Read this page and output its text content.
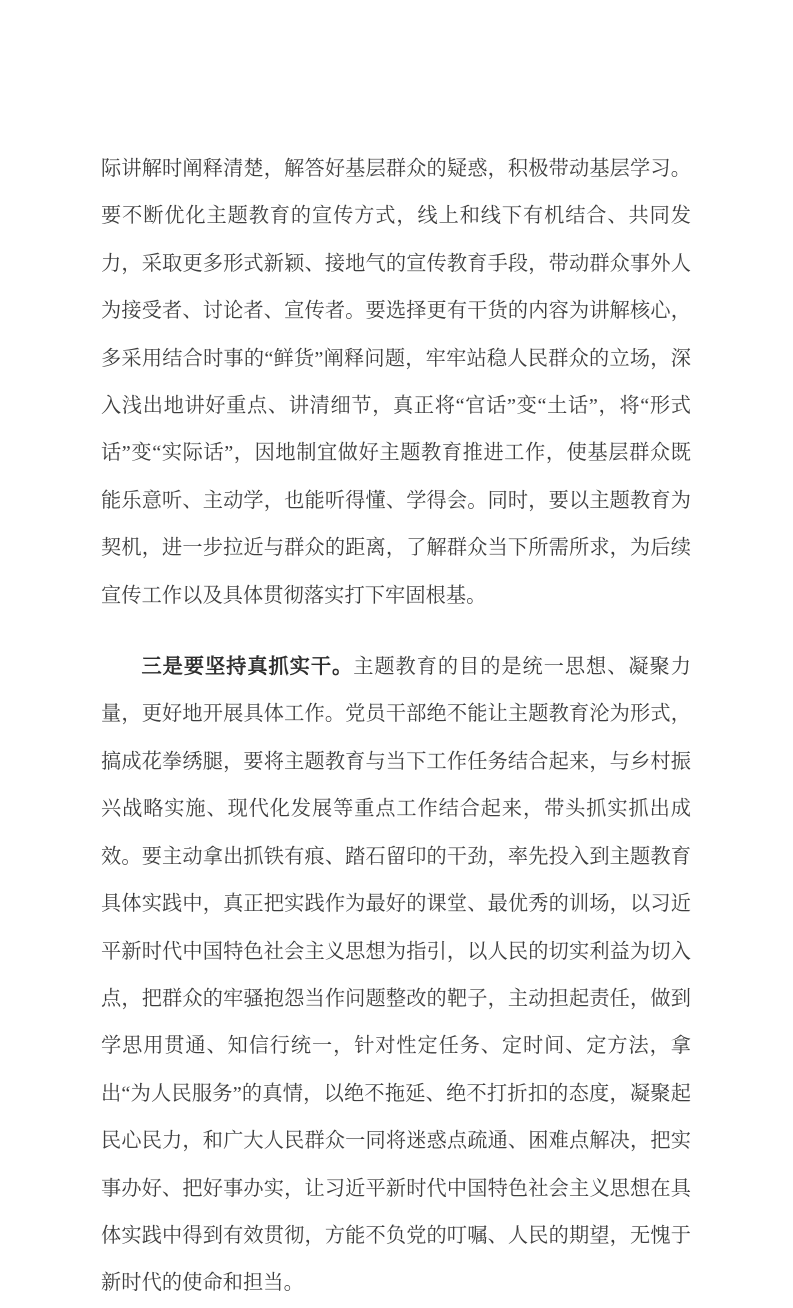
际讲解时阐释清楚，解答好基层群众的疑惑，积极带动基层学习。要不断优化主题教育的宣传方式，线上和线下有机结合、共同发力，采取更多形式新颖、接地气的宣传教育手段，带动群众事外人为接受者、讨论者、宣传者。要选择更有干货的内容为讲解核心，多采用结合时事的“鲜货”阐释问题，牢牢站稳人民群众的立场，深入浅出地讲好重点、讲清细节，真正将“官话”变“土话”，将“形式话”变“实际话”，因地制宜做好主题教育推进工作，使基层群众既能乐意听、主动学，也能听得懂、学得会。同时，要以主题教育为契机，进一步拉近与群众的距离，了解群众当下所需所求，为后续宣传工作以及具体贯彻落实打下牢固根基。

三是要坚持真抓实干。主题教育的目的是统一思想、凝聚力量，更好地开展具体工作。党员干部绝不能让主题教育沦为形式，搞成花拳绣腿，要将主题教育与当下工作任务结合起来，与乡村振兴战略实施、现代化发展等重点工作结合起来，带头抓实抓出成效。要主动拿出抓铁有痕、踏石留印的干劲，率先投入到主题教育具体实践中，真正把实践作为最好的课堂、最优秀的训场，以习近平新时代中国特色社会主义思想为指引，以人民的切实利益为切入点，把群众的牢骚抱怨当作问题整改的靶子，主动担起责任，做到学思用贯通、知信行统一，针对性定任务、定时间、定方法，拿出“为人民服务”的真情，以绝不拖延、绝不打折扣的态度，凝聚起民心民力，和广大人民群众一同将迷惑点疏通、困难点解决，把实事办好、把好事办实，让习近平新时代中国特色社会主义思想在具体实践中得到有效贯彻，方能不负党的叮嘱、人民的期望，无愧于新时代的使命和担当。
